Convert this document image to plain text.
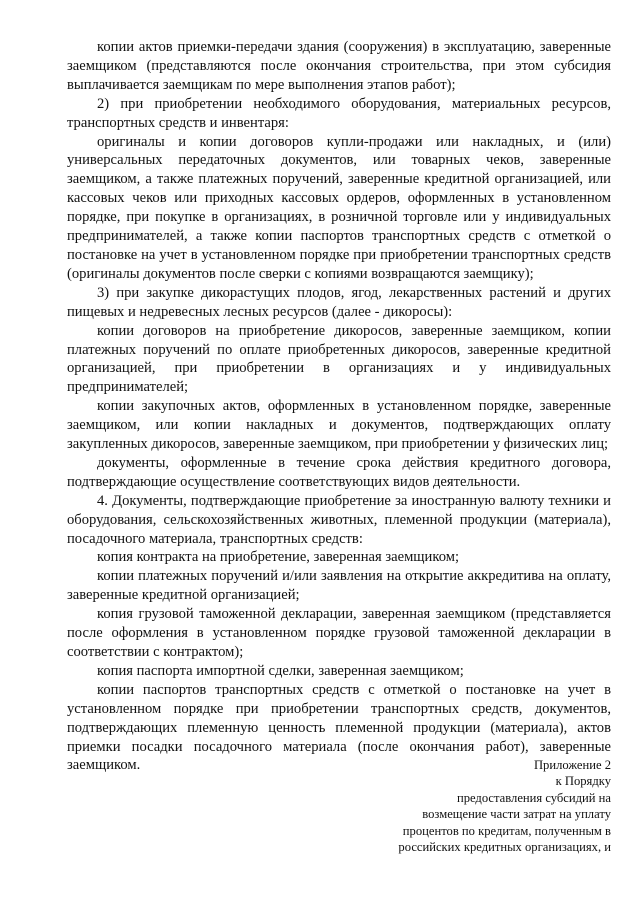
копии актов приемки-передачи здания (сооружения) в эксплуатацию, заверенные заемщиком (представляются после окончания строительства, при этом субсидия выплачивается заемщикам по мере выполнения этапов работ);

2) при приобретении необходимого оборудования, материальных ресурсов, транспортных средств и инвентаря:

оригиналы и копии договоров купли-продажи или накладных, и (или) универсальных передаточных документов, или товарных чеков, заверенные заемщиком, а также платежных поручений, заверенные кредитной организацией, или кассовых чеков или приходных кассовых ордеров, оформленных в установленном порядке, при покупке в организациях, в розничной торговле или у индивидуальных предпринимателей, а также копии паспортов транспортных средств с отметкой о постановке на учет в установленном порядке при приобретении транспортных средств (оригиналы документов после сверки с копиями возвращаются заемщику);

3) при закупке дикорастущих плодов, ягод, лекарственных растений и других пищевых и недревесных лесных ресурсов (далее - дикоросы):

копии договоров на приобретение дикоросов, заверенные заемщиком, копии платежных поручений по оплате приобретенных дикоросов, заверенные кредитной организацией, при приобретении в организациях и у индивидуальных предпринимателей;

копии закупочных актов, оформленных в установленном порядке, заверенные заемщиком, или копии накладных и документов, подтверждающих оплату закупленных дикоросов, заверенные заемщиком, при приобретении у физических лиц;

документы, оформленные в течение срока действия кредитного договора, подтверждающие осуществление соответствующих видов деятельности.

4. Документы, подтверждающие приобретение за иностранную валюту техники и оборудования, сельскохозяйственных животных, племенной продукции (материала), посадочного материала, транспортных средств:

копия контракта на приобретение, заверенная заемщиком;

копии платежных поручений и/или заявления на открытие аккредитива на оплату, заверенные кредитной организацией;

копия грузовой таможенной декларации, заверенная заемщиком (представляется после оформления в установленном порядке грузовой таможенной декларации в соответствии с контрактом);

копия паспорта импортной сделки, заверенная заемщиком;

копии паспортов транспортных средств с отметкой о постановке на учет в установленном порядке при приобретении транспортных средств, документов, подтверждающих племенную ценность племенной продукции (материала), актов приемки посадки посадочного материала (после окончания работ), заверенные заемщиком.	Приложение 2
к Порядку
предоставления субсидий на
возмещение части затрат на уплату
процентов по кредитам, полученным в
российских кредитных организациях, и
